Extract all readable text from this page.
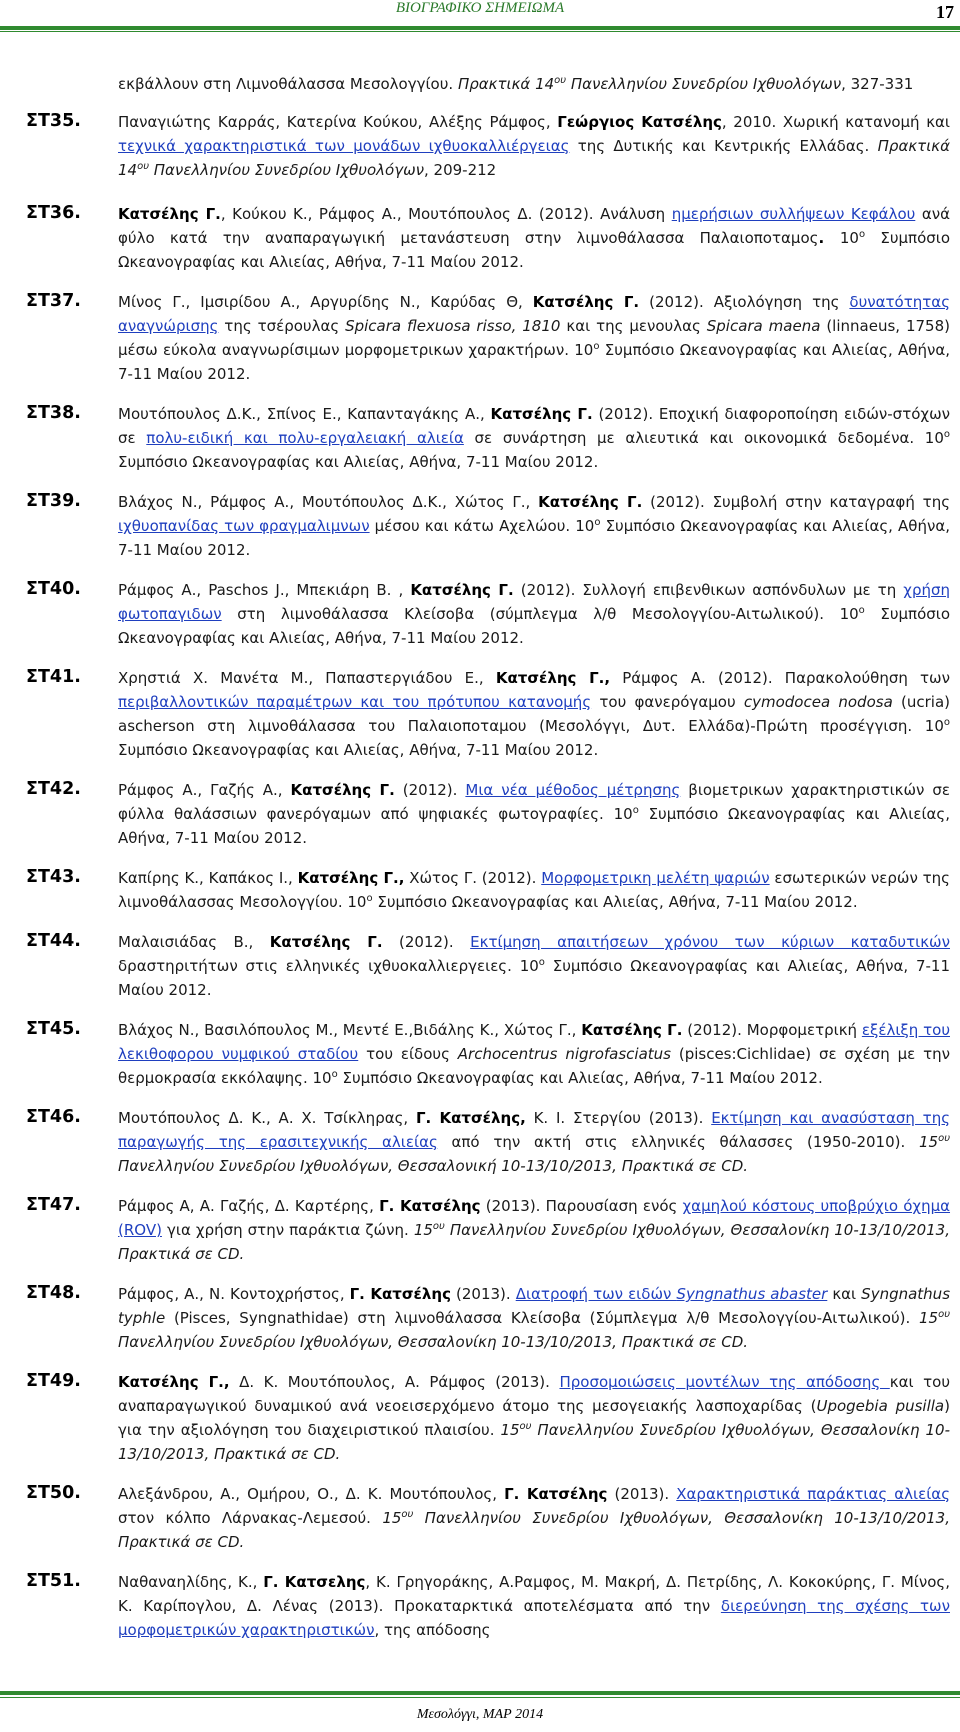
ΒΙΟΓΡΑΦΙΚΟ ΣΗΜΕΙΩΜΑ	17
εκβάλλουν στη Λιμνοθάλασσα Μεσολογγίου. Πρακτικά $14^{o\upsilon}$ Πανελληνίου Συνεδρίου Ιχθυολόγων, 327-331
ΣΤ35.	Παναγιώτης Καρράς, Κατερίνα Κούκου, Αλέξης Ράμφος, Γεώργιος Κατσέλης, 2010. Χωρική κατανομή και τεχνικά χαρακτηριστικά των μονάδων ιχθυοκαλλιέργειας της Δυτικής και Κεντρικής Ελλάδας. Πρακτικά $14^{o\upsilon}$ Πανελληνίου Συνεδρίου Ιχθυολόγων, 209-212
ΣΤ36.	Κατσέλης Γ., Κούκου Κ., Ράμφος Α., Μουτόπουλος Δ. (2012). Ανάλυση ημερήσιων συλλήψεων Κεφάλου ανά φύλο κατά την αναπαραγωγική μετανάστευση στην λιμνοθάλασσα Παλαιοποταμος. $10^o$ Συμπόσιο Ωκεανογραφίας και Αλιείας, Αθήνα, 7-11 Μαίου 2012.
ΣΤ37.	Μίνος Γ., Ιμσιρίδου Α., Αργυρίδης Ν., Καρύδας Θ, Κατσέλης Γ. (2012). Αξιολόγηση της δυνατότητας αναγνώρισης της τσέρουλας Spicara flexuosa risso, 1810 και της μενουλας Spicara maena (linnaeus, 1758) μέσω εύκολα αναγνωρίσιμων μορφομετρικων χαρακτήρων. $10^o$ Συμπόσιο Ωκεανογραφίας και Αλιείας, Αθήνα, 7-11 Μαίου 2012.
ΣΤ38.	Μουτόπουλος Δ.Κ., Σπίνος Ε., Καπανταγάκης Α., Κατσέλης Γ. (2012). Εποχική διαφοροποίηση ειδών-στόχων σε πολυ-ειδική και πολυ-εργαλειακή αλιεία σε συνάρτηση με αλιευτικά και οικονομικά δεδομένα. $10^o$ Συμπόσιο Ωκεανογραφίας και Αλιείας, Αθήνα, 7-11 Μαίου 2012.
ΣΤ39.	Βλάχος Ν., Ράμφος Α., Μουτόπουλος Δ.Κ., Χώτος Γ., Κατσέλης Γ. (2012). Συμβολή στην καταγραφή της ιχθυοπανίδας των φραγμαλιμνων μέσου και κάτω Αχελώου. $10^o$ Συμπόσιο Ωκεανογραφίας και Αλιείας, Αθήνα, 7-11 Μαίου 2012.
ΣΤ40.	Ράμφος Α., Paschos J., Μπεκιάρη Β. , Κατσέλης Γ. (2012). Συλλογή επιβενθικων ασπόνδυλων με τη χρήση φωτοπαγιδων στη λιμνοθάλασσα Κλείσοβα (σύμπλεγμα λ/θ Μεσολογγίου-Αιτωλικού). $10^o$ Συμπόσιο Ωκεανογραφίας και Αλιείας, Αθήνα, 7-11 Μαίου 2012.
ΣΤ41.	Χρηστιά Χ. Μανέτα Μ., Παπαστεργιάδου Ε., Κατσέλης Γ., Ράμφος Α. (2012). Παρακολούθηση των περιβαλλοντικών παραμέτρων και του πρότυπου κατανομής του φανερόγαμου cymodocea nodosa (ucria) ascherson στη λιμνοθάλασσα του Παλαιοποταμου (Μεσολόγγι, Δυτ. Ελλάδα)-Πρώτη προσέγγιση. $10^o$ Συμπόσιο Ωκεανογραφίας και Αλιείας, Αθήνα, 7-11 Μαίου 2012.
ΣΤ42.	Ράμφος Α., Γαζής Α., Κατσέλης Γ. (2012). Μια νέα μέθοδος μέτρησης βιομετρικων χαρακτηριστικών σε φύλλα θαλάσσιων φανερόγαμων από ψηφιακές φωτογραφίες. $10^o$ Συμπόσιο Ωκεανογραφίας και Αλιείας, Αθήνα, 7-11 Μαίου 2012.
ΣΤ43.	Καπίρης Κ., Καπάκος Ι., Κατσέλης Γ., Χώτος Γ. (2012). Μορφομετρικη μελέτη ψαριών εσωτερικών νερών της λιμνοθάλασσας Μεσολογγίου. $10^o$ Συμπόσιο Ωκεανογραφίας και Αλιείας, Αθήνα, 7-11 Μαίου 2012.
ΣΤ44.	Μαλαισιάδας Β., Κατσέλης Γ. (2012). Εκτίμηση απαιτήσεων χρόνου των κύριων καταδυτικών δραστηριτήτων στις ελληνικές ιχθυοκαλλιεργειες. $10^o$ Συμπόσιο Ωκεανογραφίας και Αλιείας, Αθήνα, 7-11 Μαίου 2012.
ΣΤ45.	Βλάχος Ν., Βασιλόπουλος Μ., Μεντέ Ε.,Βιδάλης Κ., Χώτος Γ., Κατσέλης Γ. (2012). Μορφομετρική εξέλιξη του λεκιθοφορου νυμφικού σταδίου του είδους Archocentrus nigrofasciatus (pisces:Cichlidae) σε σχέση με την θερμοκρασία εκκόλαψης. $10^o$ Συμπόσιο Ωκεανογραφίας και Αλιείας, Αθήνα, 7-11 Μαίου 2012.
ΣΤ46.	Μουτόπουλος Δ. Κ., Α. Χ. Τσίκληρας, Γ. Κατσέλης, Κ. Ι. Στεργίου (2013). Εκτίμηση και ανασύσταση της παραγωγής της ερασιτεχνικής αλιείας από την ακτή στις ελληνικές θάλασσες (1950-2010). $15^{o\upsilon}$ Πανελληνίου Συνεδρίου Ιχθυολόγων, Θεσσαλονική 10-13/10/2013, Πρακτικά σε CD.
ΣΤ47.	Ράμφος Α, Α. Γαζής, Δ. Καρτέρης, Γ. Κατσέλης (2013). Παρουσίαση ενός χαμηλού κόστους υποβρύχιο όχημα (ROV) για χρήση στην παράκτια ζώνη. $15^{o\upsilon}$ Πανελληνίου Συνεδρίου Ιχθυολόγων, Θεσσαλονίκη 10-13/10/2013, Πρακτικά σε CD.
ΣΤ48.	Ράμφος, Α., Ν. Κοντοχρήστος, Γ. Κατσέλης (2013). Διατροφή των ειδών Syngnathus abaster και Syngnathus typhle (Pisces, Syngnathidae) στη λιμνοθάλασσα Κλείσοβα (Σύμπλεγμα λ/θ Μεσολογγίου-Αιτωλικού). $15^{o\upsilon}$ Πανελληνίου Συνεδρίου Ιχθυολόγων, Θεσσαλονίκη 10-13/10/2013, Πρακτικά σε CD.
ΣΤ49.	Κατσέλης Γ., Δ. Κ. Μουτόπουλος, Α. Ράμφος (2013). Προσομοιώσεις μοντέλων της απόδοσης και του αναπαραγωγικού δυναμικού ανά νεοεισερχόμενο άτομο της μεσογειακής λασποχαρίδας (Upogebia pusilla) για την αξιολόγηση του διαχειριστικού πλαισίου. $15^{o\upsilon}$ Πανελληνίου Συνεδρίου Ιχθυολόγων, Θεσσαλονίκη 10-13/10/2013, Πρακτικά σε CD.
ΣΤ50.	Αλεξάνδρου, Α., Ομήρου, Ο., Δ. Κ. Μουτόπουλος, Γ. Κατσέλης (2013). Χαρακτηριστικά παράκτιας αλιείας στον κόλπο Λάρνακας-Λεμεσού. $15^{o\upsilon}$ Πανελληνίου Συνεδρίου Ιχθυολόγων, Θεσσαλονίκη 10-13/10/2013, Πρακτικά σε CD.
ΣΤ51.	Ναθαναηλίδης, Κ., Γ. Κατσελης, Κ. Γρηγοράκης, Α.Ραμφος, Μ. Μακρή, Δ. Πετρίδης, Λ. Κοκοκύρης, Γ. Μίνος, Κ. Καρίπογλου, Δ. Λένας (2013). Προκαταρκτικά αποτελέσματα από την διερεύνηση της σχέσης των μορφομετρικών χαρακτηριστικών, της απόδοσης
Μεσολόγγι, ΜΑΡ 2014
